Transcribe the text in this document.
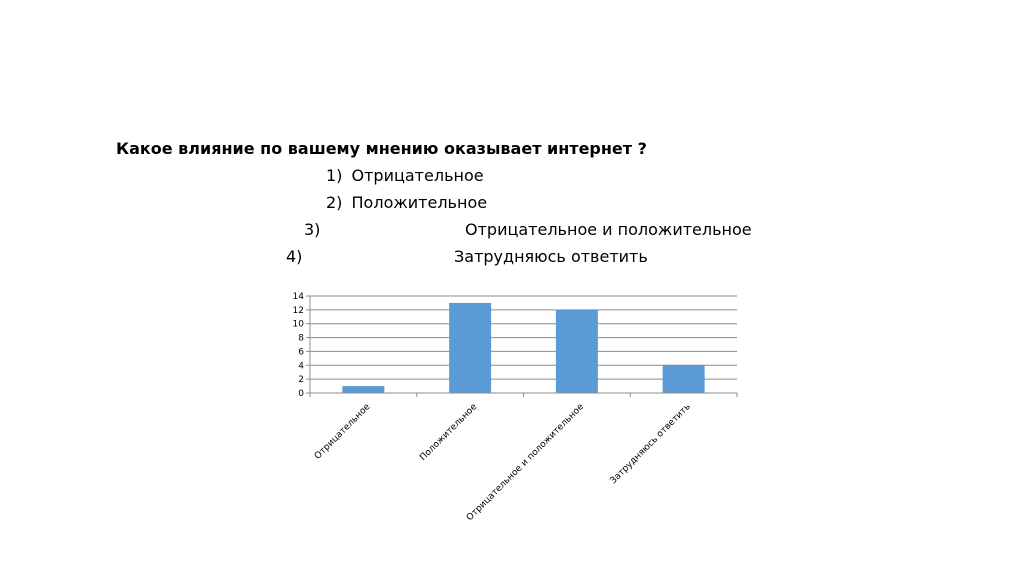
Какое влияние по вашему мнению оказывает интернет ?
1) Отрицательное
2) Положительное
3)	Отрицательное и положительное
4)	Затрудняюсь ответить
0
2
4
6
8
10
12
14
Отрицательное	Положительное
Отрицательное и положительное	Затрудняюсь ответить
